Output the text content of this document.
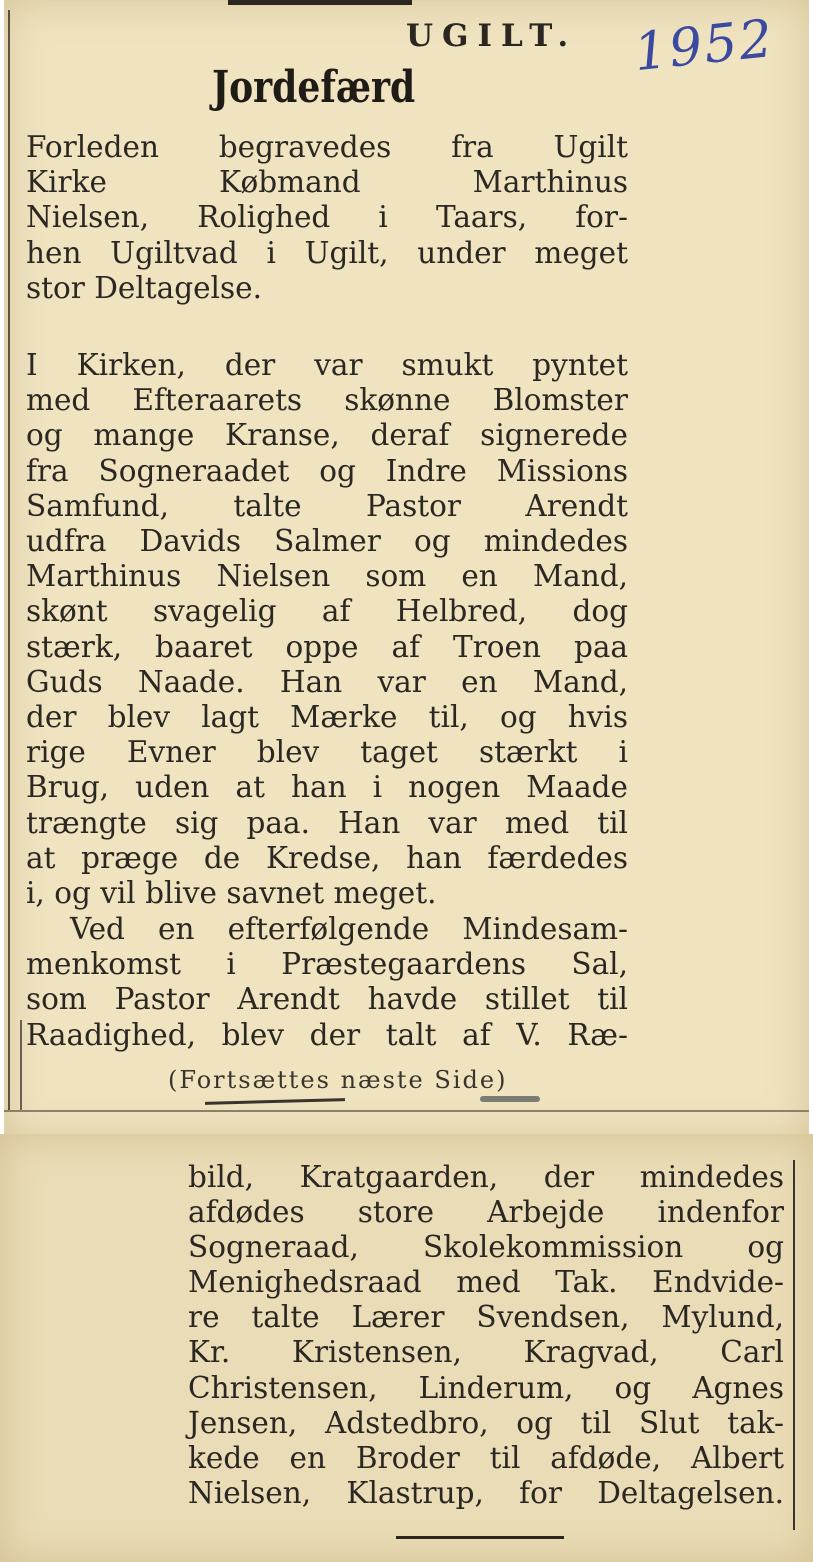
1952
UGILT.
Jordefærd
Forleden begravedes fra Ugilt
Kirke Købmand Marthinus
Nielsen, Rolighed i Taars, for-
hen Ugiltvad i Ugilt, under meget
stor Deltagelse.
I Kirken, der var smukt pyntet
med Efteraarets skønne Blomster
og mange Kranse, deraf signerede
fra Sogneraadet og Indre Missions
Samfund, talte Pastor Arendt
udfra Davids Salmer og mindedes
Marthinus Nielsen som en Mand,
skønt svagelig af Helbred, dog
stærk, baaret oppe af Troen paa
Guds Naade. Han var en Mand,
der blev lagt Mærke til, og hvis
rige Evner blev taget stærkt i
Brug, uden at han i nogen Maade
trængte sig paa. Han var med til
at præge de Kredse, han færdedes
i, og vil blive savnet meget.
Ved en efterfølgende Mindesam-
menkomst i Præstegaardens Sal,
som Pastor Arendt havde stillet til
Raadighed, blev der talt af V. Ræ-
(Fortsættes næste Side)
bild, Kratgaarden, der mindedes
afdødes store Arbejde indenfor
Sogneraad, Skolekommission og
Menighedsraad med Tak. Endvide-
re talte Lærer Svendsen, Mylund,
Kr. Kristensen, Kragvad, Carl
Christensen, Linderum, og Agnes
Jensen, Adstedbro, og til Slut tak-
kede en Broder til afdøde, Albert
Nielsen, Klastrup, for Deltagelsen.
